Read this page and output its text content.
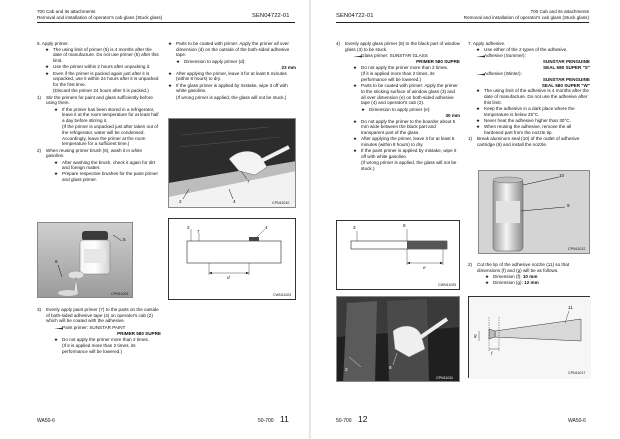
700 Cab and its attachments
Removal and installation of operator's cab glass (Stuck glass)	SEN04722-01
6. Apply primer.
★ The using limit of primer (5) is 4 months after the date of manufacture. Do not use primer (5) after this limit.
★ Use the primer within 2 hours after unpacking it.
★ Even if the primer is packed again just after it is unpacked, use it within 24 hours after it is unpacked for the first time.
(Discard the primer 24 hours after it is packed.)
1)	Stir the primers for paint and glass sufficiently before using them.
★ If the primer has been stored in a refrigerator, leave it at the room temperature for at least half a day before stirring it.
(If the primer is unpacked just after taken out of the refrigerator, water will be condensed. Accordingly, leave the primer at the room temperature for a sufficient time.)
2)	When reusing primer brush (6), wash it in white gasoline.
★ After washing the brush, check it again for dirt and foreign matter.
★ Prepare respective brushes for the paint primer and glass primer.
5
6
CPN11009
3)	Evenly apply paint primer (7) to the parts on the outside of both-sided adhesive tape (4) on operator's cab (2) which will be coated with the adhesive.
Paint primer: SUNSTAR PAINT
PRIMER 580 SUPRE
★ Do not apply the primer more than 2 times.
(If it is applied more than 2 times, its performance will be lowered.)
★ Parts to be coated with primer: Apply the primer all over dimension (d) on the outside of the both-sided adhesive tape.
★ Dimension to apply primer (d):
23 mm
★ After applying the primer, leave it for at least 5 minutes (within 8 hours) to dry.
★ If the glass primer is applied by mistake, wipe it off with white gasoline.
(If wrong primer is applied, the glass will not be stuck.)
7
2	4	CPN11010
2
7
4
d
CWN11024
WA50-6	50-700 11
SEN04722-01
700 Cab and its attachments
Removal and installation of operator's cab glass (Stuck glass)
4)	Evenly apply glass primer (8) to the black part of window glass (3) to be stuck.
Glass primer: SUNSTAR GLASS
PRIMER 580 SUPRE
★ Do not apply the primer more than 2 times.
(If it is applied more than 2 times, its performance will be lowered.)
★ Parts to be coated with primer: Apply the primer to the sticking surface of window glass (3) and all over dimension (e) on both-sided adhesive tape (4) and operator's cab (2).
★ Dimension to apply primer (e):
30 mm
★ Do not apply the primer to the boarder about 5 mm wide between the black part and transparent part of the glass.
★ After applying the primer, leave it for at least 5 minutes (within 8 hours) to dry.
★ If the paint primer is applied by mistake, wipe it off with white gasoline.
(If wrong primer is applied, the glass will not be stuck.)
3	8
e
CWN11025
3	8
CPN11011
7. Apply adhesive.
★ Use either of the 2 types of the adhesive.
Adhesive (Summer):
SUNSTAR PENGUINE
SEAL 580 SUPER "S"
Adhesive (Winter):
SUNSTAR PENGUINE
SEAL 580 SUPER "W"
★ The using limit of the adhesive is 4 months after the date of manufacture. Do not use the adhesive after this limit.
★ Keep the adhesive in a dark place where the temperature is below 25°C.
★ Never heat the adhesive higher than 30°C.
★ When reusing the adhesive, remove the all hardened part from the nozzle tip.
1)	Break aluminum seal (10) of the outlet of adhesive cartridge (9) and install the nozzle.
10
9
CPN11012
2)	Cut the tip of the adhesive nozzle (11) so that dimensions (f) and (g) will be as follows.
★ Dimension (f): 10 mm
★ Dimension (g): 12 mm
11
f
g
CPN11017
50-700 12	WA50-6
